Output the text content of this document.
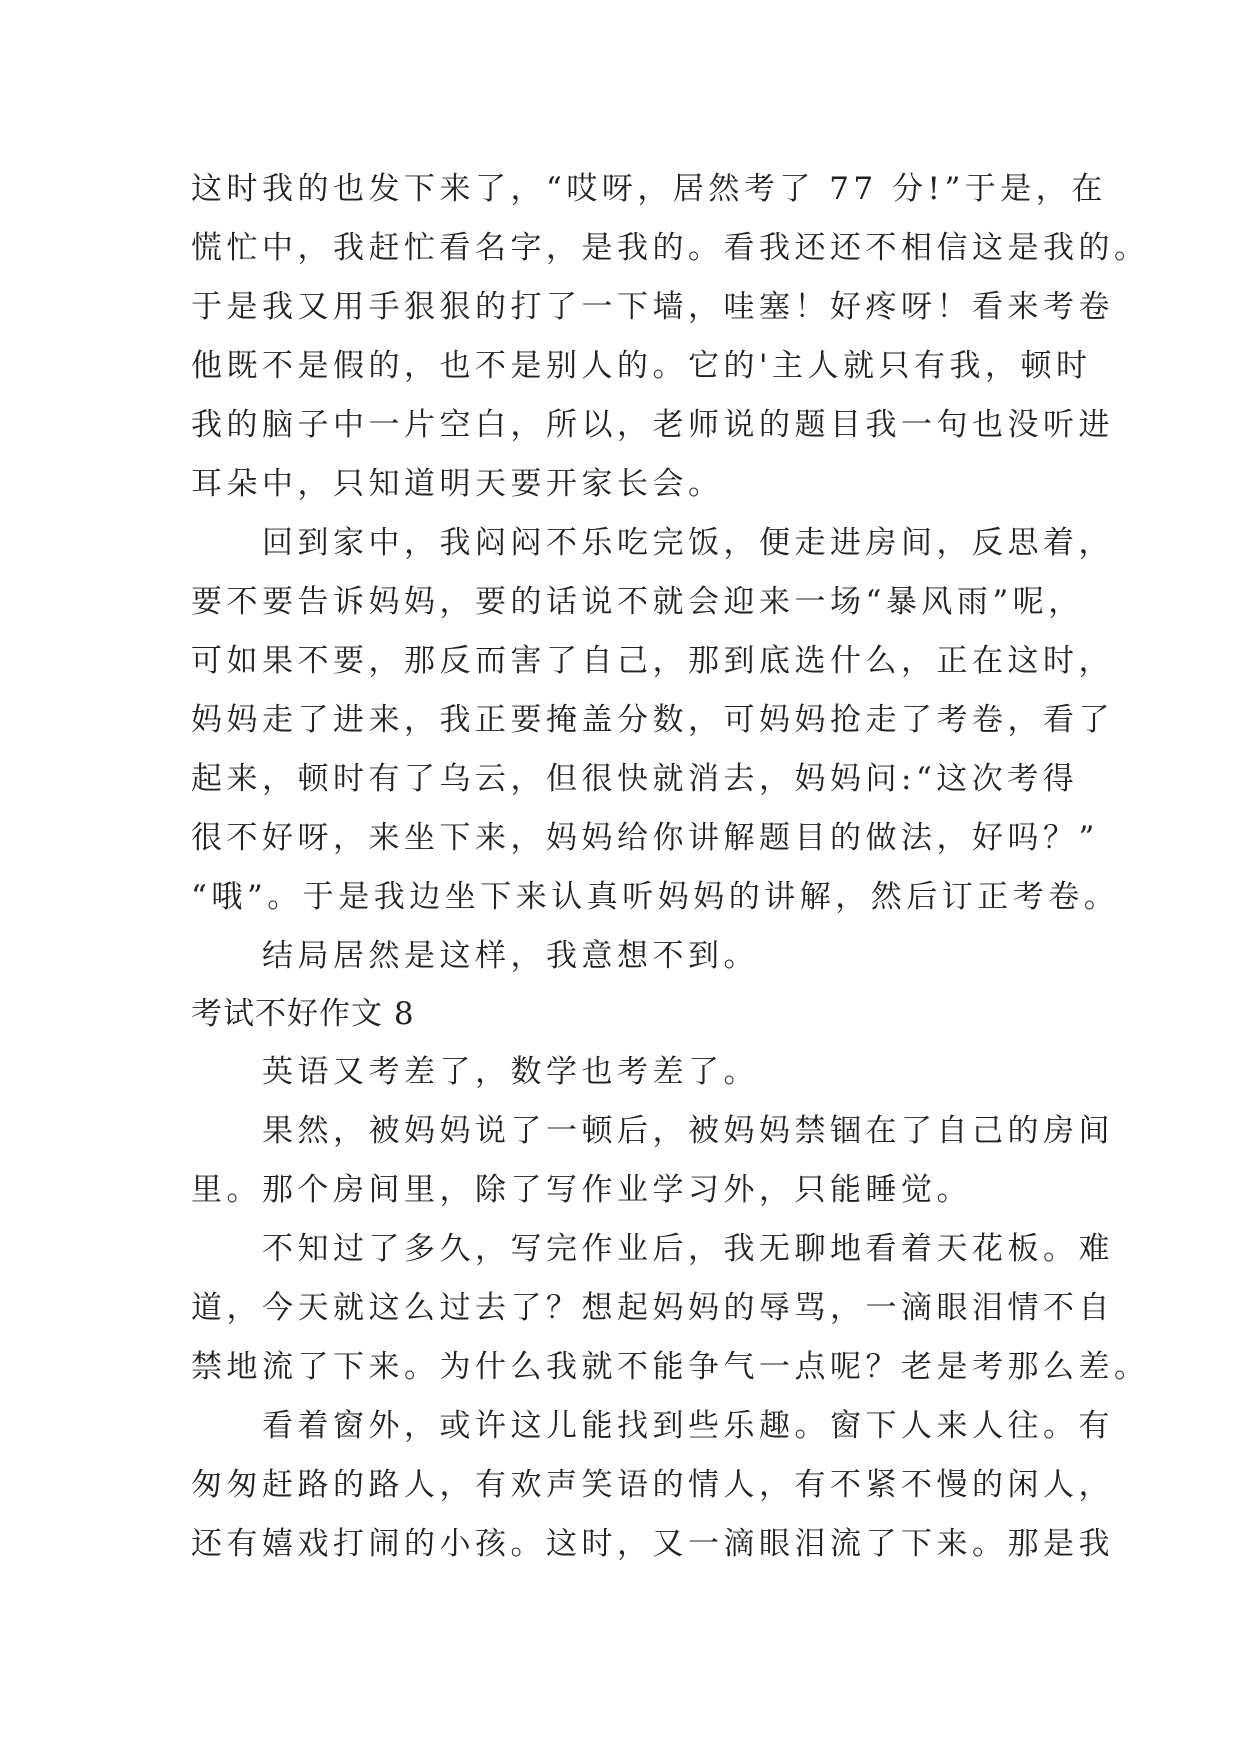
这时我的也发下来了，“哎呀，居然考了 77 分!”于是，在
慌忙中，我赶忙看名字，是我的。看我还还不相信这是我的。
于是我又用手狠狠的打了一下墙，哇塞！好疼呀！看来考卷
他既不是假的，也不是别人的。它的'主人就只有我，顿时
我的脑子中一片空白，所以，老师说的题目我一句也没听进
耳朵中，只知道明天要开家长会。
　　回到家中，我闷闷不乐吃完饭，便走进房间，反思着，
要不要告诉妈妈，要的话说不就会迎来一场“暴风雨”呢，
可如果不要，那反而害了自己，那到底选什么，正在这时，
妈妈走了进来，我正要掩盖分数，可妈妈抢走了考卷，看了
起来，顿时有了乌云，但很快就消去，妈妈问:“这次考得
很不好呀，来坐下来，妈妈给你讲解题目的做法，好吗？”
“哦”。于是我边坐下来认真听妈妈的讲解，然后订正考卷。
　　结局居然是这样，我意想不到。
考试不好作文 8
　　英语又考差了，数学也考差了。
　　果然，被妈妈说了一顿后，被妈妈禁锢在了自己的房间
里。那个房间里，除了写作业学习外，只能睡觉。
　　不知过了多久，写完作业后，我无聊地看着天花板。难
道，今天就这么过去了？想起妈妈的辱骂，一滴眼泪情不自
禁地流了下来。为什么我就不能争气一点呢？老是考那么差。
　　看着窗外，或许这儿能找到些乐趣。窗下人来人往。有
匆匆赶路的路人，有欢声笑语的情人，有不紧不慢的闲人，
还有嬉戏打闹的小孩。这时，又一滴眼泪流了下来。那是我
